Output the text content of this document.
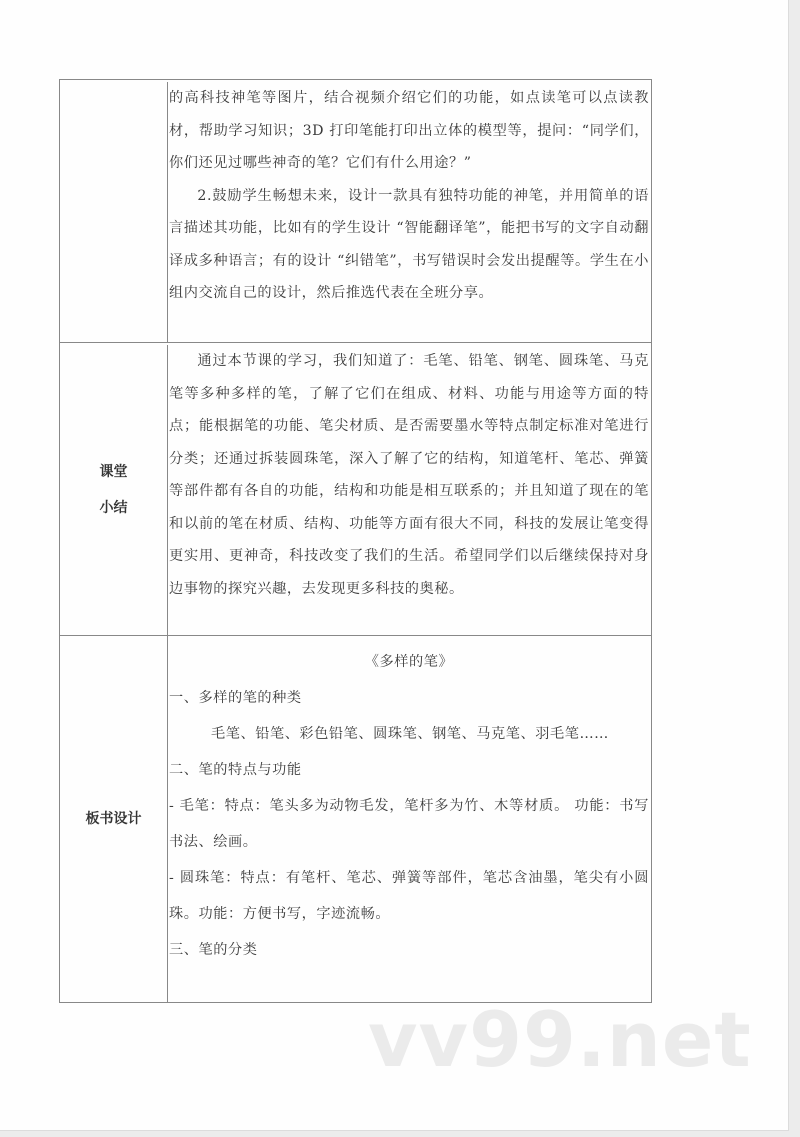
的高科技神笔等图片，结合视频介绍它们的功能，如点读笔可以点读教材，帮助学习知识；3D 打印笔能打印出立体的模型等，提问：“同学们，你们还见过哪些神奇的笔？它们有什么用途？”

2.鼓励学生畅想未来，设计一款具有独特功能的神笔，并用简单的语言描述其功能，比如有的学生设计 “智能翻译笔”，能把书写的文字自动翻译成多种语言；有的设计 “纠错笔”，书写错误时会发出提醒等。学生在小组内交流自己的设计，然后推选代表在全班分享。

课堂
小结

通过本节课的学习，我们知道了：毛笔、铅笔、钢笔、圆珠笔、马克笔等多种多样的笔，了解了它们在组成、材料、功能与用途等方面的特点；能根据笔的功能、笔尖材质、是否需要墨水等特点制定标准对笔进行分类；还通过拆装圆珠笔，深入了解了它的结构，知道笔杆、笔芯、弹簧等部件都有各自的功能，结构和功能是相互联系的；并且知道了现在的笔和以前的笔在材质、结构、功能等方面有很大不同，科技的发展让笔变得更实用、更神奇，科技改变了我们的生活。希望同学们以后继续保持对身边事物的探究兴趣，去发现更多科技的奥秘。

板书设计

《多样的笔》

一、多样的笔的种类

毛笔、铅笔、彩色铅笔、圆珠笔、钢笔、马克笔、羽毛笔……

二、笔的特点与功能

- 毛笔：特点：笔头多为动物毛发，笔杆多为竹、木等材质。 功能：书写书法、绘画。

- 圆珠笔：特点：有笔杆、笔芯、弹簧等部件，笔芯含油墨，笔尖有小圆珠。功能：方便书写，字迹流畅。

三、笔的分类

vv99.net
